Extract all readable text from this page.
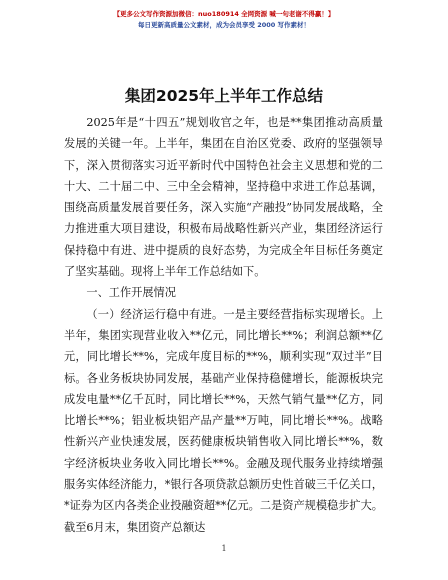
【更多公文写作资源加微信：nuo180914 全网资源 喊一句老谢不得赢！】
每日更新高质量公文素材，成为会员享受 2000 写作素材！
集团2025年上半年工作总结

2025年是“十四五”规划收官之年，也是**集团推动高质量发展的关键一年。上半年，集团在自治区党委、政府的坚强领导下，深入贯彻落实习近平新时代中国特色社会主义思想和党的二十大、二十届二中、三中全会精神，坚持稳中求进工作总基调，围绕高质量发展首要任务，深入实施“产融投”协同发展战略，全力推进重大项目建设，积极布局战略性新兴产业，集团经济运行保持稳中有进、进中提质的良好态势，为完成全年目标任务奠定了坚实基础。现将上半年工作总结如下。

一、工作开展情况

（一）经济运行稳中有进。一是主要经营指标实现增长。上半年，集团实现营业收入**亿元，同比增长**%；利润总额**亿元，同比增长**%，完成年度目标的**%，顺利实现“双过半”目标。各业务板块协同发展，基础产业保持稳健增长，能源板块完成发电量**亿千瓦时，同比增长**%，天然气销气量**亿方，同比增长**%；铝业板块铝产品产量**万吨，同比增长**%。战略性新兴产业快速发展，医药健康板块销售收入同比增长**%，数字经济板块业务收入同比增长**%。金融及现代服务业持续增强服务实体经济能力，*银行各项贷款总额历史性首破三千亿关口，*证券为区内各类企业投融资超**亿元。二是资产规模稳步扩大。截至6月末，集团资产总额达

1
